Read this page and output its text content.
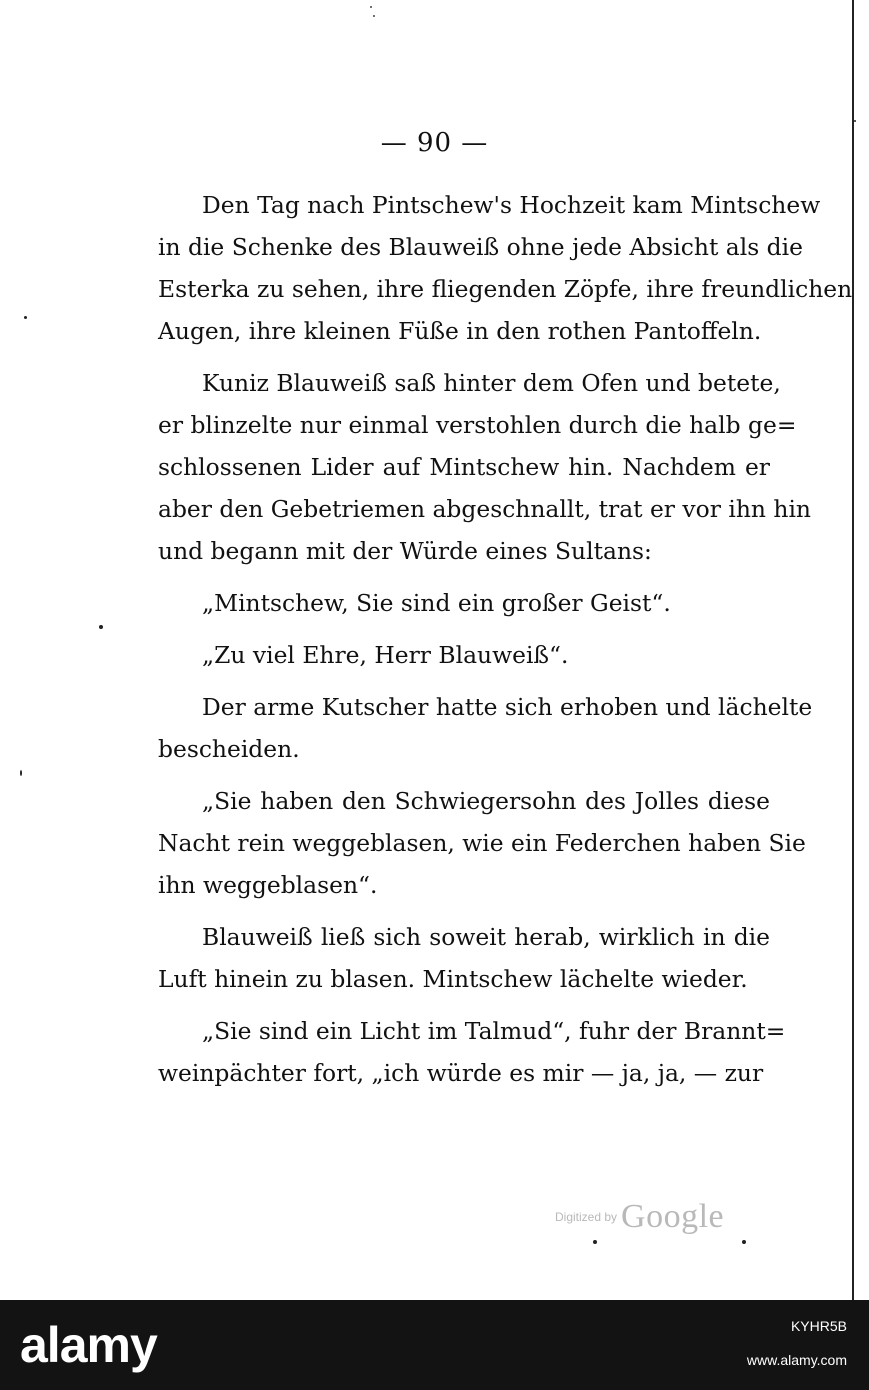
— 90 —
Den Tag nach Pintschew's Hochzeit kam Mintschew
in die Schenke des Blauweiß ohne jede Absicht als die
Esterka zu sehen, ihre fliegenden Zöpfe, ihre freundlichen
Augen, ihre kleinen Füße in den rothen Pantoffeln.
Kuniz Blauweiß saß hinter dem Ofen und betete,
er blinzelte nur einmal verstohlen durch die halb ge=
schlossenen Lider auf Mintschew hin. Nachdem er
aber den Gebetriemen abgeschnallt, trat er vor ihn hin
und begann mit der Würde eines Sultans:
„Mintschew, Sie sind ein großer Geist“.
„Zu viel Ehre, Herr Blauweiß“.
Der arme Kutscher hatte sich erhoben und lächelte
bescheiden.
„Sie haben den Schwiegersohn des Jolles diese
Nacht rein weggeblasen, wie ein Federchen haben Sie
ihn weggeblasen“.
Blauweiß ließ sich soweit herab, wirklich in die
Luft hinein zu blasen. Mintschew lächelte wieder.
„Sie sind ein Licht im Talmud“, fuhr der Brannt=
weinpächter fort, „ich würde es mir — ja, ja, — zur
Digitized by Google
alamy	KYHR5B
www.alamy.com
